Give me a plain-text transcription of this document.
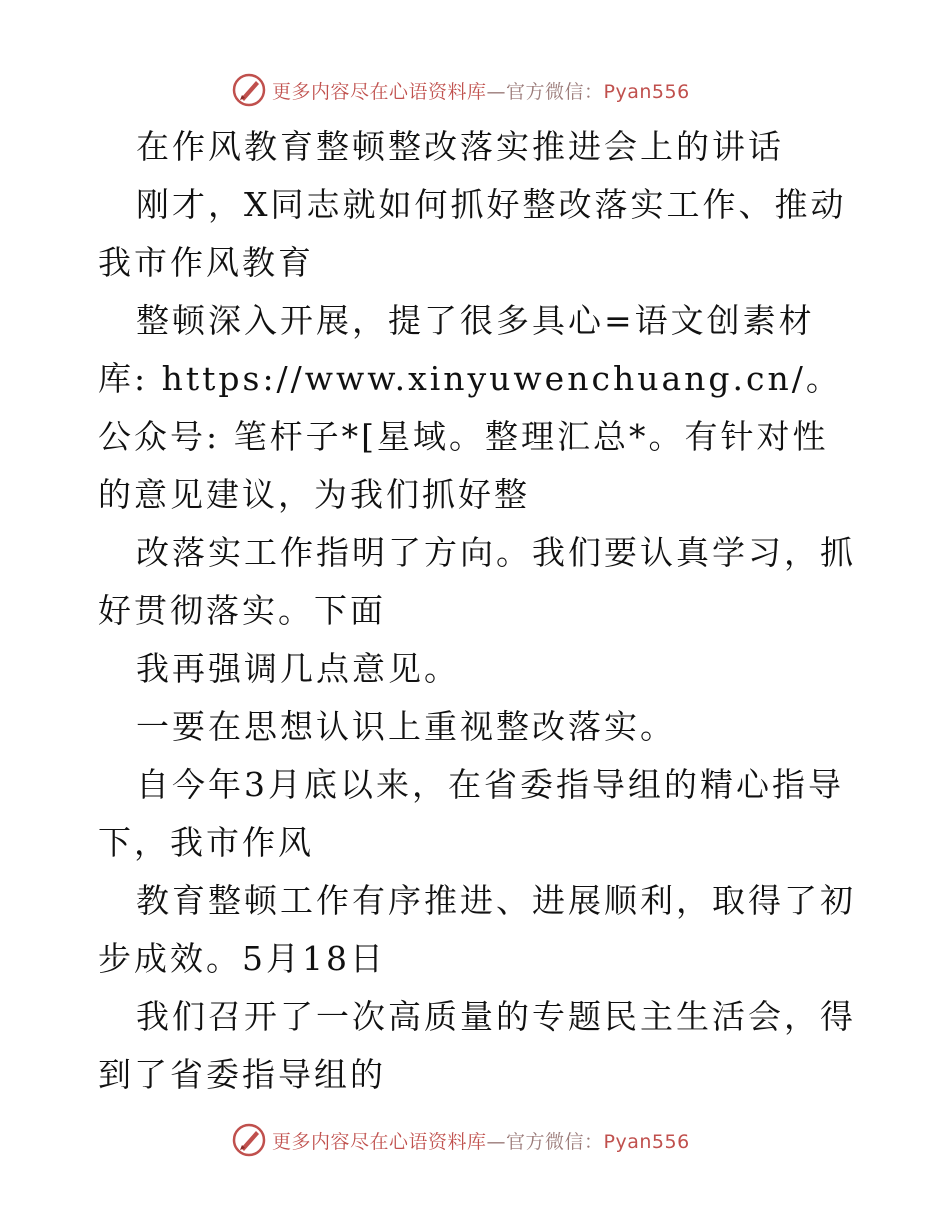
更多内容尽在心语资料库—官方微信：Pyan556

在作风教育整顿整改落实推进会上的讲话

刚才，X同志就如何抓好整改落实工作、推动我市作风教育

整顿深入开展，提了很多具心=语文创素材库: https://www.xinyuwenchuang.cn/。公众号: 笔杆子*[星域。整理汇总*。有针对性的意见建议，为我们抓好整

改落实工作指明了方向。我们要认真学习，抓好贯彻落实。下面

我再强调几点意见。

一要在思想认识上重视整改落实。

自今年3月底以来，在省委指导组的精心指导下，我市作风

教育整顿工作有序推进、进展顺利，取得了初步成效。5月18日

我们召开了一次高质量的专题民主生活会，得到了省委指导组的

更多内容尽在心语资料库—官方微信：Pyan556
